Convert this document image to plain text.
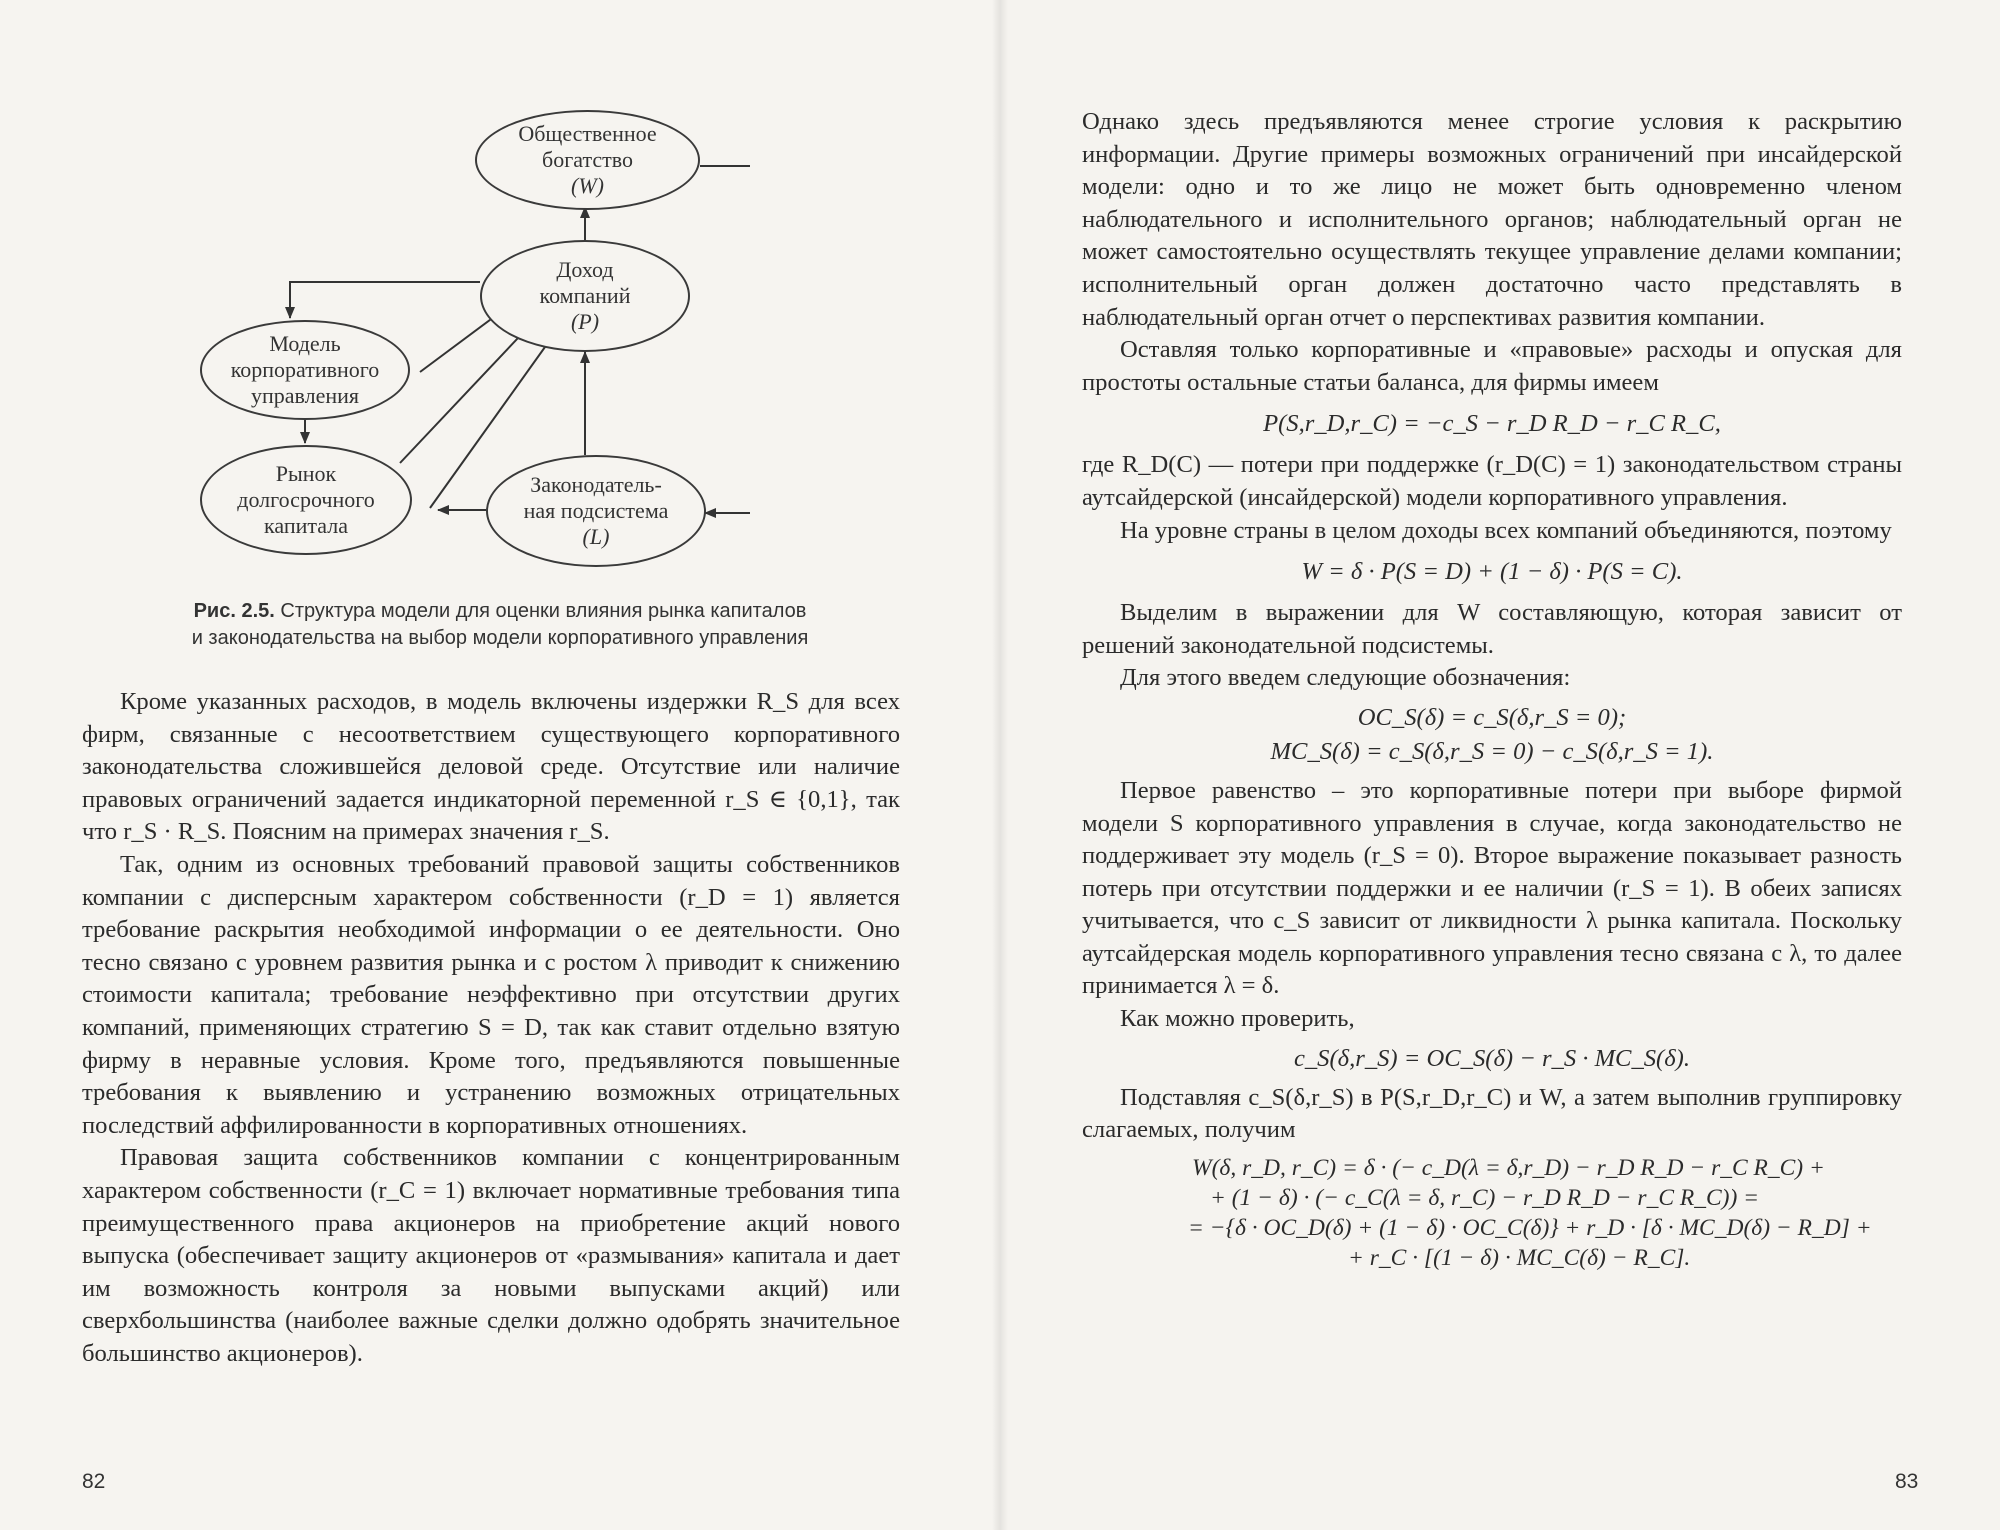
Общественное
богатство
(W)
Доход
компаний
(P)
Модель
корпоративного
управления
Рынок
долгосрочного
капитала
Законодатель-
ная подсистема
(L)
Рис. 2.5. Структура модели для оценки влияния рынка капиталов
и законодательства на выбор модели корпоративного управления

Кроме указанных расходов, в модель включены издержки R_S для всех фирм, связанные с несоответствием существующего корпоративного законодательства сложившейся деловой среде. Отсутствие или наличие правовых ограничений задается индикаторной переменной r_S ∈ {0,1}, так что r_S · R_S. Поясним на примерах значения r_S.

Так, одним из основных требований правовой защиты собственников компании с дисперсным характером собственности (r_D = 1) является требование раскрытия необходимой информации о ее деятельности. Оно тесно связано с уровнем развития рынка и с ростом λ приводит к снижению стоимости капитала; требование неэффективно при отсутствии других компаний, применяющих стратегию S = D, так как ставит отдельно взятую фирму в неравные условия. Кроме того, предъявляются повышенные требования к выявлению и устранению возможных отрицательных последствий аффилированности в корпоративных отношениях.

Правовая защита собственников компании с концентрированным характером собственности (r_C = 1) включает нормативные требования типа преимущественного права акционеров на приобретение акций нового выпуска (обеспечивает защиту акционеров от «размывания» капитала и дает им возможность контроля за новыми выпусками акций) или сверхбольшинства (наиболее важные сделки должно одобрять значительное большинство акционеров).

82

Однако здесь предъявляются менее строгие условия к раскрытию информации. Другие примеры возможных ограничений при инсайдерской модели: одно и то же лицо не может быть одновременно членом наблюдательного и исполнительного органов; наблюдательный орган не может самостоятельно осуществлять текущее управление делами компании; исполнительный орган должен достаточно часто представлять в наблюдательный орган отчет о перспективах развития компании.

Оставляя только корпоративные и «правовые» расходы и опуская для простоты остальные статьи баланса, для фирмы имеем

P(S,r_D,r_C) = −c_S − r_D R_D − r_C R_C,

где R_D(C) — потери при поддержке (r_D(C) = 1) законодательством страны аутсайдерской (инсайдерской) модели корпоративного управления.

На уровне страны в целом доходы всех компаний объединяются, поэтому

W = δ · P(S = D) + (1 − δ) · P(S = C).

Выделим в выражении для W составляющую, которая зависит от решений законодательной подсистемы.

Для этого введем следующие обозначения:

OC_S(δ) = c_S(δ,r_S = 0);
MC_S(δ) = c_S(δ,r_S = 0) − c_S(δ,r_S = 1).

Первое равенство – это корпоративные потери при выборе фирмой модели S корпоративного управления в случае, когда законодательство не поддерживает эту модель (r_S = 0). Второе выражение показывает разность потерь при отсутствии поддержки и ее наличии (r_S = 1). В обеих записях учитывается, что c_S зависит от ликвидности λ рынка капитала. Поскольку аутсайдерская модель корпоративного управления тесно связана с λ, то далее принимается λ = δ.

Как можно проверить,

c_S(δ,r_S) = OC_S(δ) − r_S · MC_S(δ).

Подставляя c_S(δ,r_S) в P(S,r_D,r_C) и W, а затем выполнив группировку слагаемых, получим

W(δ, r_D, r_C) = δ · (− c_D(λ = δ,r_D) − r_D R_D − r_C R_C) +
+ (1 − δ) · (− c_C(λ = δ, r_C) − r_D R_D − r_C R_C)) =
= −{δ · OC_D(δ) + (1 − δ) · OC_C(δ)} + r_D · [δ · MC_D(δ) − R_D] +
+ r_C · [(1 − δ) · MC_C(δ) − R_C].
83
